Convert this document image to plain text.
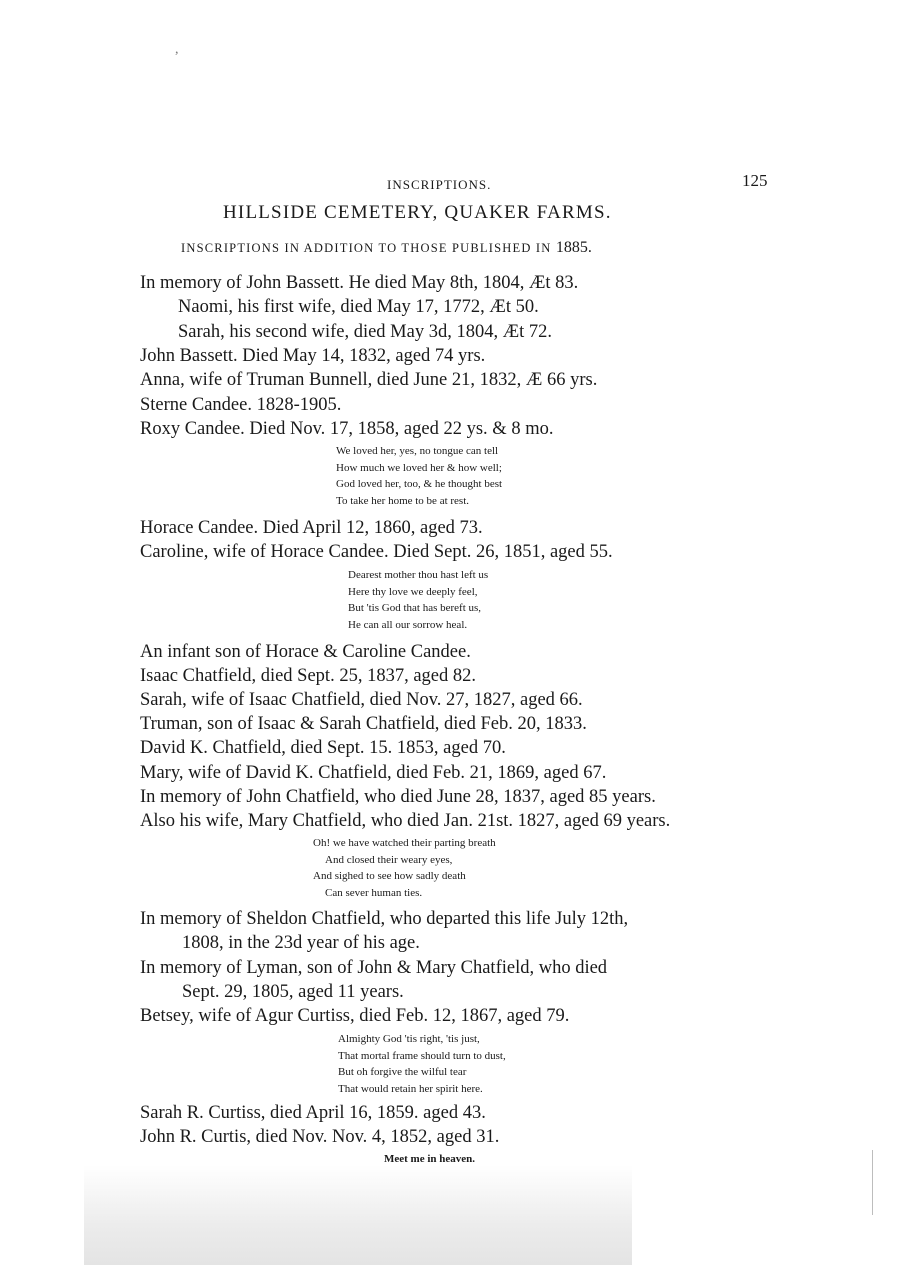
,
INSCRIPTIONS.	125
HILLSIDE CEMETERY, QUAKER FARMS.
INSCRIPTIONS IN ADDITION TO THOSE PUBLISHED IN 1885.
In memory of John Bassett. He died May 8th, 1804, Æt 83.
Naomi, his first wife, died May 17, 1772, Æt 50.
Sarah, his second wife, died May 3d, 1804, Æt 72.
John Bassett. Died May 14, 1832, aged 74 yrs.
Anna, wife of Truman Bunnell, died June 21, 1832, Æ 66 yrs.
Sterne Candee. 1828-1905.
Roxy Candee. Died Nov. 17, 1858, aged 22 ys. & 8 mo.
We loved her, yes, no tongue can tell
How much we loved her & how well;
God loved her, too, & he thought best
To take her home to be at rest.
Horace Candee. Died April 12, 1860, aged 73.
Caroline, wife of Horace Candee. Died Sept. 26, 1851, aged 55.
Dearest mother thou hast left us
Here thy love we deeply feel,
But 'tis God that has bereft us,
He can all our sorrow heal.
An infant son of Horace & Caroline Candee.
Isaac Chatfield, died Sept. 25, 1837, aged 82.
Sarah, wife of Isaac Chatfield, died Nov. 27, 1827, aged 66.
Truman, son of Isaac & Sarah Chatfield, died Feb. 20, 1833.
David K. Chatfield, died Sept. 15. 1853, aged 70.
Mary, wife of David K. Chatfield, died Feb. 21, 1869, aged 67.
In memory of John Chatfield, who died June 28, 1837, aged 85 years.
Also his wife, Mary Chatfield, who died Jan. 21st. 1827, aged 69 years.
Oh! we have watched their parting breath
And closed their weary eyes,
And sighed to see how sadly death
Can sever human ties.
In memory of Sheldon Chatfield, who departed this life July 12th,
1808, in the 23d year of his age.
In memory of Lyman, son of John & Mary Chatfield, who died
Sept. 29, 1805, aged 11 years.
Betsey, wife of Agur Curtiss, died Feb. 12, 1867, aged 79.
Almighty God 'tis right, 'tis just,
That mortal frame should turn to dust,
But oh forgive the wilful tear
That would retain her spirit here.
Sarah R. Curtiss, died April 16, 1859. aged 43.
John R. Curtis, died Nov. Nov. 4, 1852, aged 31.
Meet me in heaven.
